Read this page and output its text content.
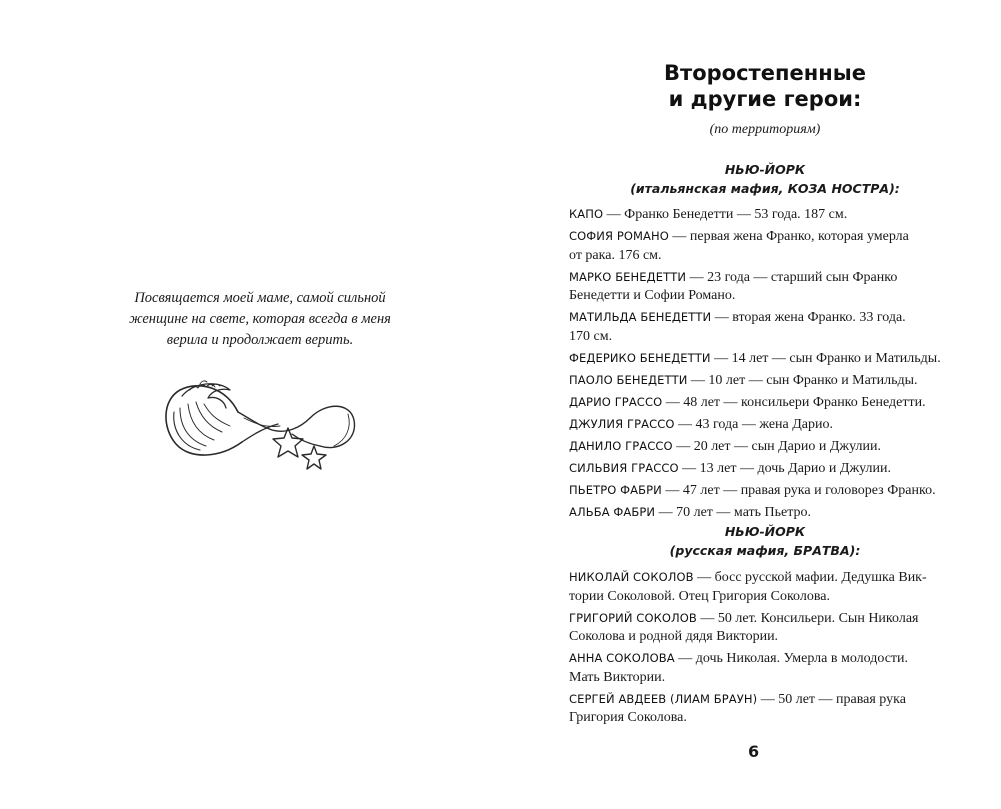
Посвящается моей маме, самой сильной
женщине на свете, которая всегда в меня
верила и продолжает верить.
Второстепенные
и другие герои:
(по территориям)
НЬЮ-ЙОРК
(итальянская мафия, КОЗА НОСТРА):
КАПО — Франко Бенедетти — 53 года. 187 см.
СОФИЯ РОМАНО — первая жена Франко, которая умерла
от рака. 176 см.
МАРКО БЕНЕДЕТТИ — 23 года — старший сын Франко
Бенедетти и Софии Романо.
МАТИЛЬДА БЕНЕДЕТТИ — вторая жена Франко. 33 года.
170 см.
ФЕДЕРИКО БЕНЕДЕТТИ — 14 лет — сын Франко и Матильды.
ПАОЛО БЕНЕДЕТТИ — 10 лет — сын Франко и Матильды.
ДАРИО ГРАССО — 48 лет — консильери Франко Бенедетти.
ДЖУЛИЯ ГРАССО — 43 года — жена Дарио.
ДАНИЛО ГРАССО — 20 лет — сын Дарио и Джулии.
СИЛЬВИЯ ГРАССО — 13 лет — дочь Дарио и Джулии.
ПЬЕТРО ФАБРИ — 47 лет — правая рука и головорез Франко.
АЛЬБА ФАБРИ — 70 лет — мать Пьетро.
НЬЮ-ЙОРК
(русская мафия, БРАТВА):
НИКОЛАЙ СОКОЛОВ — босс русской мафии. Дедушка Вик-
тории Соколовой. Отец Григория Соколова.
ГРИГОРИЙ СОКОЛОВ — 50 лет. Консильери. Сын Николая
Соколова и родной дядя Виктории.
АННА СОКОЛОВА — дочь Николая. Умерла в молодости.
Мать Виктории.
СЕРГЕЙ АВДЕЕВ (ЛИАМ БРАУН) — 50 лет — правая рука
Григория Соколова.
6
